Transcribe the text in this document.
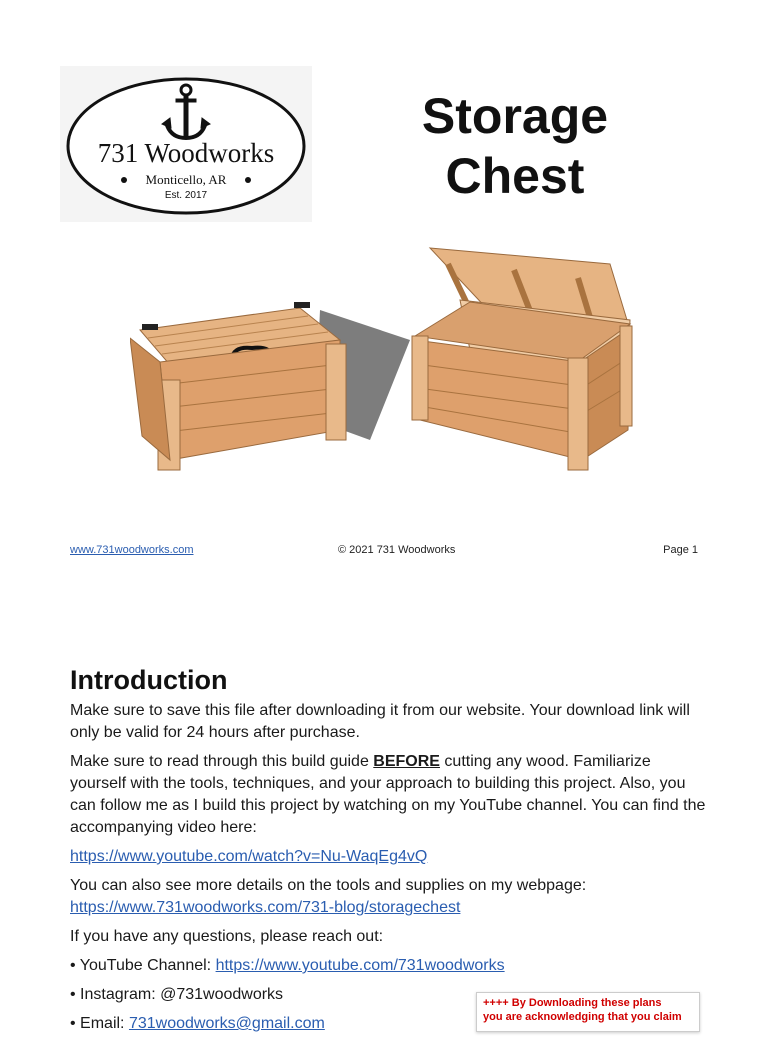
731 Woodworks
Monticello, AR
Est. 2017
Storage
Chest
www.731woodworks.com	© 2021 731 Woodworks	Page 1
Introduction

Make sure to save this file after downloading it from our website. Your download link will only be valid for 24 hours after purchase.

Make sure to read through this build guide BEFORE cutting any wood. Familiarize yourself with the tools, techniques, and your approach to building this project. Also, you can follow me as I build this project by watching on my YouTube channel. You can find the accompanying video here:

https://www.youtube.com/watch?v=Nu-WaqEg4vQ

You can also see more details on the tools and supplies on my webpage:
https://www.731woodworks.com/731-blog/storagechest

If you have any questions, please reach out:

• YouTube Channel: https://www.youtube.com/731woodworks
• Instagram: @731woodworks
• Email: 731woodworks@gmail.com
++++ By Downloading these plans
you are acknowledging that you claim
